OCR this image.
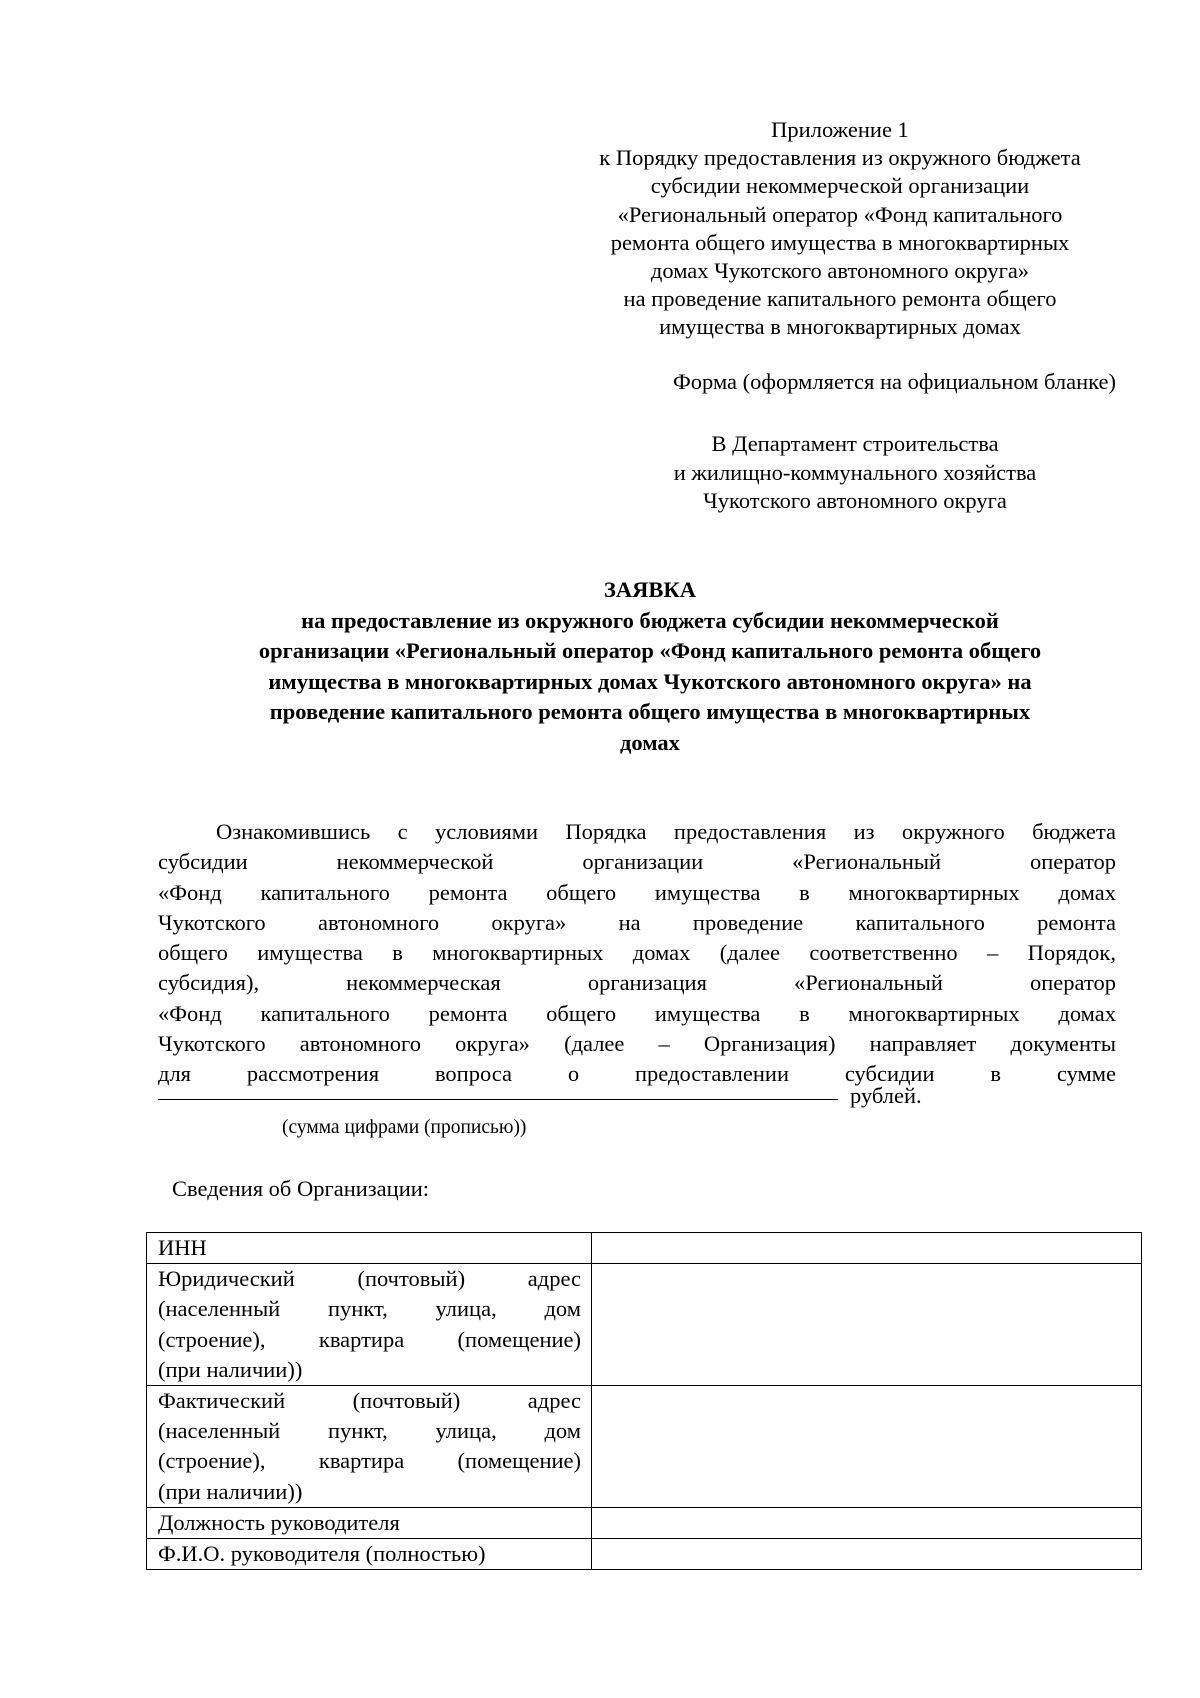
Приложение 1
к Порядку предоставления из окружного бюджета
субсидии некоммерческой организации
«Региональный оператор «Фонд капитального
ремонта общего имущества в многоквартирных
домах Чукотского автономного округа»
на проведение капитального ремонта общего
имущества в многоквартирных домах
Форма (оформляется на официальном бланке)
В Департамент строительства
и жилищно-коммунального хозяйства
Чукотского автономного округа
ЗАЯВКА
на предоставление из окружного бюджета субсидии некоммерческой
организации «Региональный оператор «Фонд капитального ремонта общего
имущества в многоквартирных домах Чукотского автономного округа» на
проведение капитального ремонта общего имущества в многоквартирных
домах
Ознакомившись с условиями Порядка предоставления из окружного бюджета
субсидии некоммерческой организации «Региональный оператор
«Фонд капитального ремонта общего имущества в многоквартирных домах
Чукотского автономного округа» на проведение капитального ремонта
общего имущества в многоквартирных домах (далее соответственно – Порядок,
субсидия), некоммерческая организация «Региональный оператор
«Фонд капитального ремонта общего имущества в многоквартирных домах
Чукотского автономного округа» (далее – Организация) направляет документы
для рассмотрения вопроса о предоставлении субсидии в сумме
рублей.
(сумма цифрами (прописью))
Сведения об Организации:
ИНН	

Юридический (почтовый) адрес
(населенный пункт, улица, дом
(строение), квартира (помещение)
(при наличии))	

Фактический (почтовый) адрес
(населенный пункт, улица, дом
(строение), квартира (помещение)
(при наличии))	

Должность руководителя	

Ф.И.О. руководителя (полностью)	
